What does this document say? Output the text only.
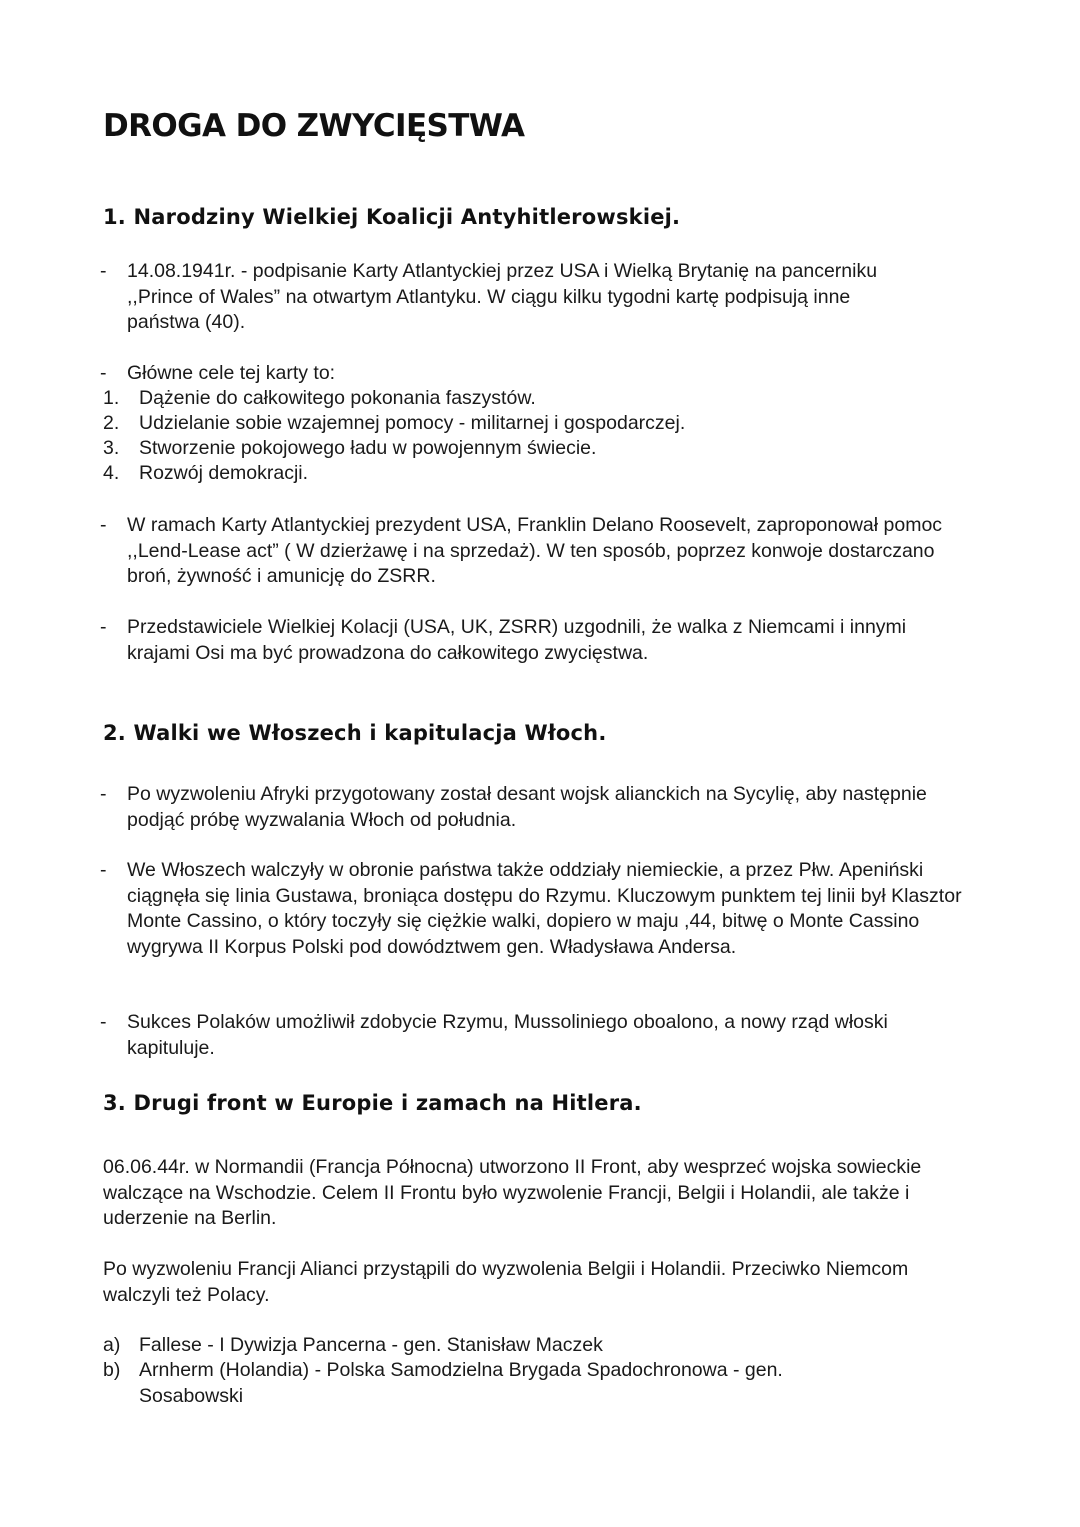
DROGA DO ZWYCIĘSTWA
1. Narodziny Wielkiej Koalicji Antyhitlerowskiej.
- 14.08.1941r. - podpisanie Karty Atlantyckiej przez USA i Wielką Brytanię na pancerniku ,,Prince of Wales” na otwartym Atlantyku. W ciągu kilku tygodni kartę podpisują inne państwa (40).

- Główne cele tej karty to:

1. Dążenie do całkowitego pokonania faszystów.

2. Udzielanie sobie wzajemnej pomocy - militarnej i gospodarczej.

3. Stworzenie pokojowego ładu w powojennym świecie.

4. Rozwój demokracji.

- W ramach Karty Atlantyckiej prezydent USA, Franklin Delano Roosevelt, zaproponował pomoc ,,Lend-Lease act” ( W dzierżawę i na sprzedaż). W ten sposób, poprzez konwoje dostarczano broń, żywność i amunicję do ZSRR.

- Przedstawiciele Wielkiej Kolacji (USA, UK, ZSRR) uzgodnili, że walka z Niemcami i innymi krajami Osi ma być prowadzona do całkowitego zwycięstwa.

2. Walki we Włoszech i kapitulacja Włoch.
- Po wyzwoleniu Afryki przygotowany został desant wojsk alianckich na Sycylię, aby następnie podjąć próbę wyzwalania Włoch od południa.

- We Włoszech walczyły w obronie państwa także oddziały niemieckie, a przez Płw. Apeniński ciągnęła się linia Gustawa, broniąca dostępu do Rzymu. Kluczowym punktem tej linii był Klasztor Monte Cassino, o który toczyły się ciężkie walki, dopiero w maju ,44, bitwę o Monte Cassino wygrywa II Korpus Polski pod dowództwem gen. Władysława Andersa.

- Sukces Polaków umożliwił zdobycie Rzymu, Mussoliniego oboalono, a nowy rząd włoski kapituluje.

3. Drugi front w Europie i zamach na Hitlera.

06.06.44r. w Normandii (Francja Północna) utworzono II Front, aby wesprzeć wojska sowieckie walczące na Wschodzie. Celem II Frontu było wyzwolenie Francji, Belgii i Holandii, ale także i uderzenie na Berlin.

Po wyzwoleniu Francji Alianci przystąpili do wyzwolenia Belgii i Holandii. Przeciwko Niemcom walczyli też Polacy.

a) Fallese - I Dywizja Pancerna - gen. Stanisław Maczek

b) Arnherm (Holandia) - Polska Samodzielna Brygada Spadochronowa - gen. Sosabowski
